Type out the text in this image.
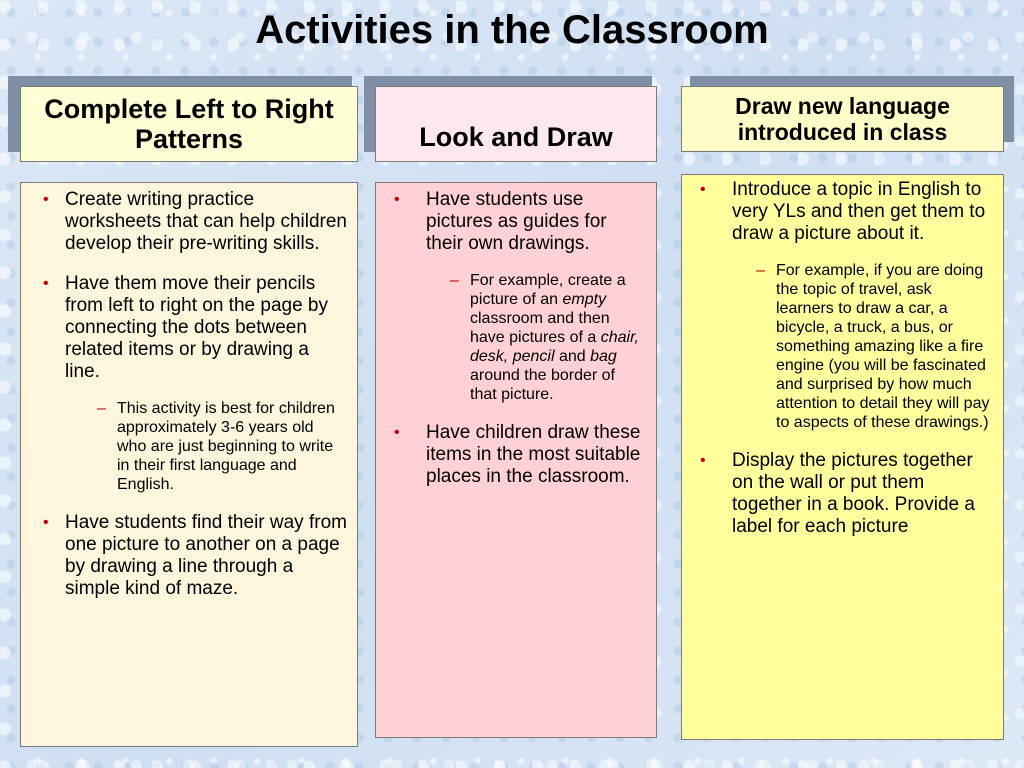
Activities in the Classroom
Complete Left to Right Patterns
• Create writing practice worksheets that can help children develop their pre-writing skills.
• Have them move their pencils from left to right on the page by connecting the dots between related items or by drawing a line.
– This activity is best for children approximately 3-6 years old who are just beginning to write in their first language and English.
• Have students find their way from one picture to another on a page by drawing a line through a simple kind of maze.
Look and Draw
• Have students use pictures as guides for their own drawings.
– For example, create a picture of an empty classroom and then have pictures of a chair, desk, pencil and bag around the border of that picture.
• Have children draw these items in the most suitable places in the classroom.
Draw new language introduced in class
• Introduce a topic in English to very YLs and then get them to draw a picture about it.
– For example, if you are doing the topic of travel, ask learners to draw a car, a bicycle, a truck, a bus, or something amazing like a fire engine (you will be fascinated and surprised by how much attention to detail they will pay to aspects of these drawings.)
• Display the pictures together on the wall or put them together in a book. Provide a label for each picture
